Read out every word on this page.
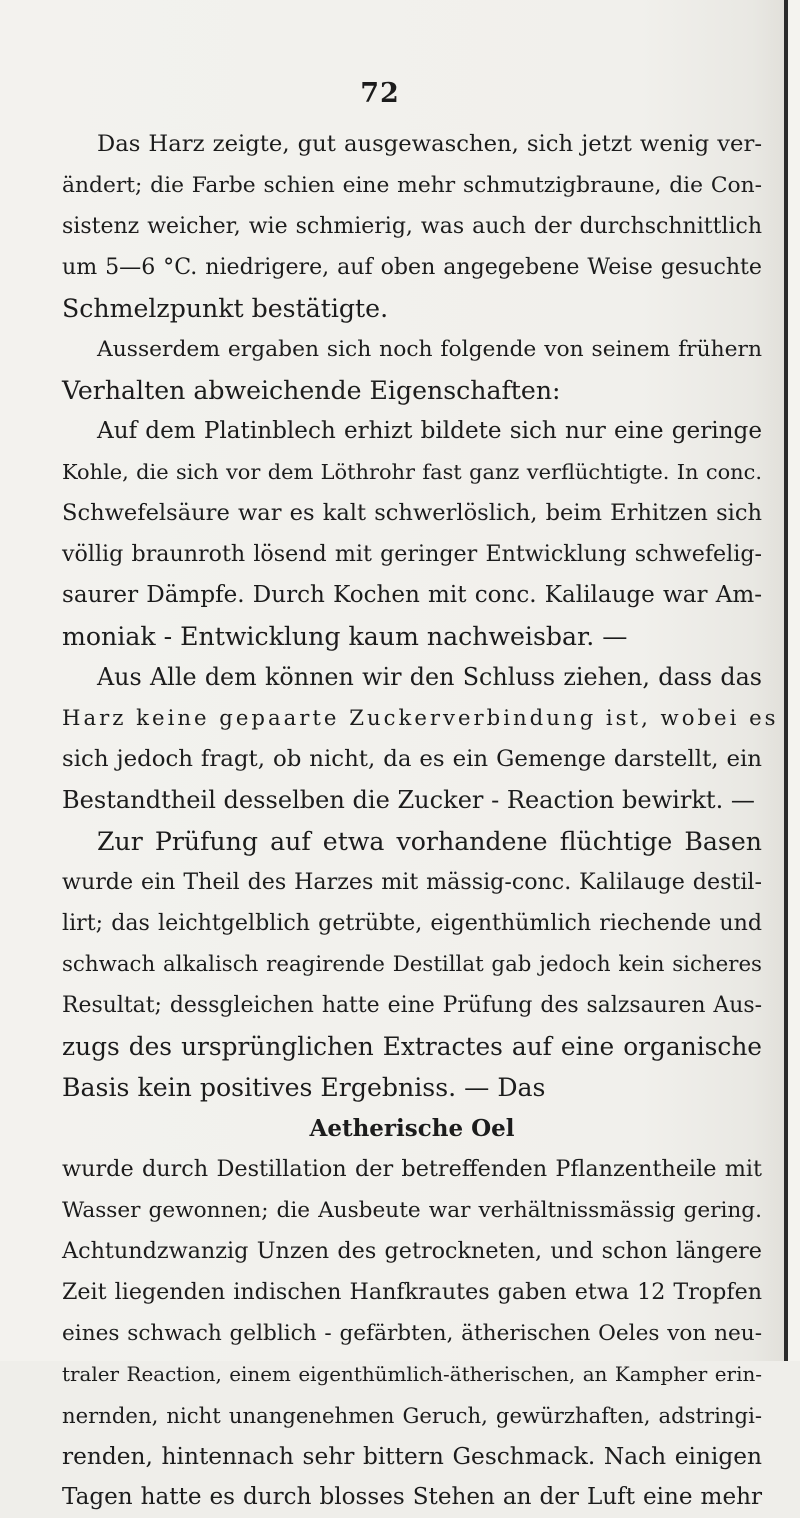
72
Das Harz zeigte, gut ausgewaschen, sich jetzt wenig ver-
ändert; die Farbe schien eine mehr schmutzigbraune, die Con-
sistenz weicher, wie schmierig, was auch der durchschnittlich
um 5—6 °C. niedrigere, auf oben angegebene Weise gesuchte
Schmelzpunkt bestätigte.
Ausserdem ergaben sich noch folgende von seinem frühern
Verhalten abweichende Eigenschaften:
Auf dem Platinblech erhizt bildete sich nur eine geringe
Kohle, die sich vor dem Löthrohr fast ganz verflüchtigte. In conc.
Schwefelsäure war es kalt schwerlöslich, beim Erhitzen sich
völlig braunroth lösend mit geringer Entwicklung schwefelig-
saurer Dämpfe. Durch Kochen mit conc. Kalilauge war Am-
moniak - Entwicklung kaum nachweisbar. —
Aus Alle dem können wir den Schluss ziehen, dass das
Harz keine gepaarte Zuckerverbindung ist, wobei es
sich jedoch fragt, ob nicht, da es ein Gemenge darstellt, ein
Bestandtheil desselben die Zucker - Reaction bewirkt. —
Zur Prüfung auf etwa vorhandene flüchtige Basen
wurde ein Theil des Harzes mit mässig-conc. Kalilauge destil-
lirt; das leichtgelblich getrübte, eigenthümlich riechende und
schwach alkalisch reagirende Destillat gab jedoch kein sicheres
Resultat; dessgleichen hatte eine Prüfung des salzsauren Aus-
zugs des ursprünglichen Extractes auf eine organische
Basis kein positives Ergebniss. — Das
Aetherische Oel
wurde durch Destillation der betreffenden Pflanzentheile mit
Wasser gewonnen; die Ausbeute war verhältnissmässig gering.
Achtundzwanzig Unzen des getrockneten, und schon längere
Zeit liegenden indischen Hanfkrautes gaben etwa 12 Tropfen
eines schwach gelblich - gefärbten, ätherischen Oeles von neu-
traler Reaction, einem eigenthümlich-ätherischen, an Kampher erin-
nernden, nicht unangenehmen Geruch, gewürzhaften, adstringi-
renden, hintennach sehr bittern Geschmack. Nach einigen
Tagen hatte es durch blosses Stehen an der Luft eine mehr
